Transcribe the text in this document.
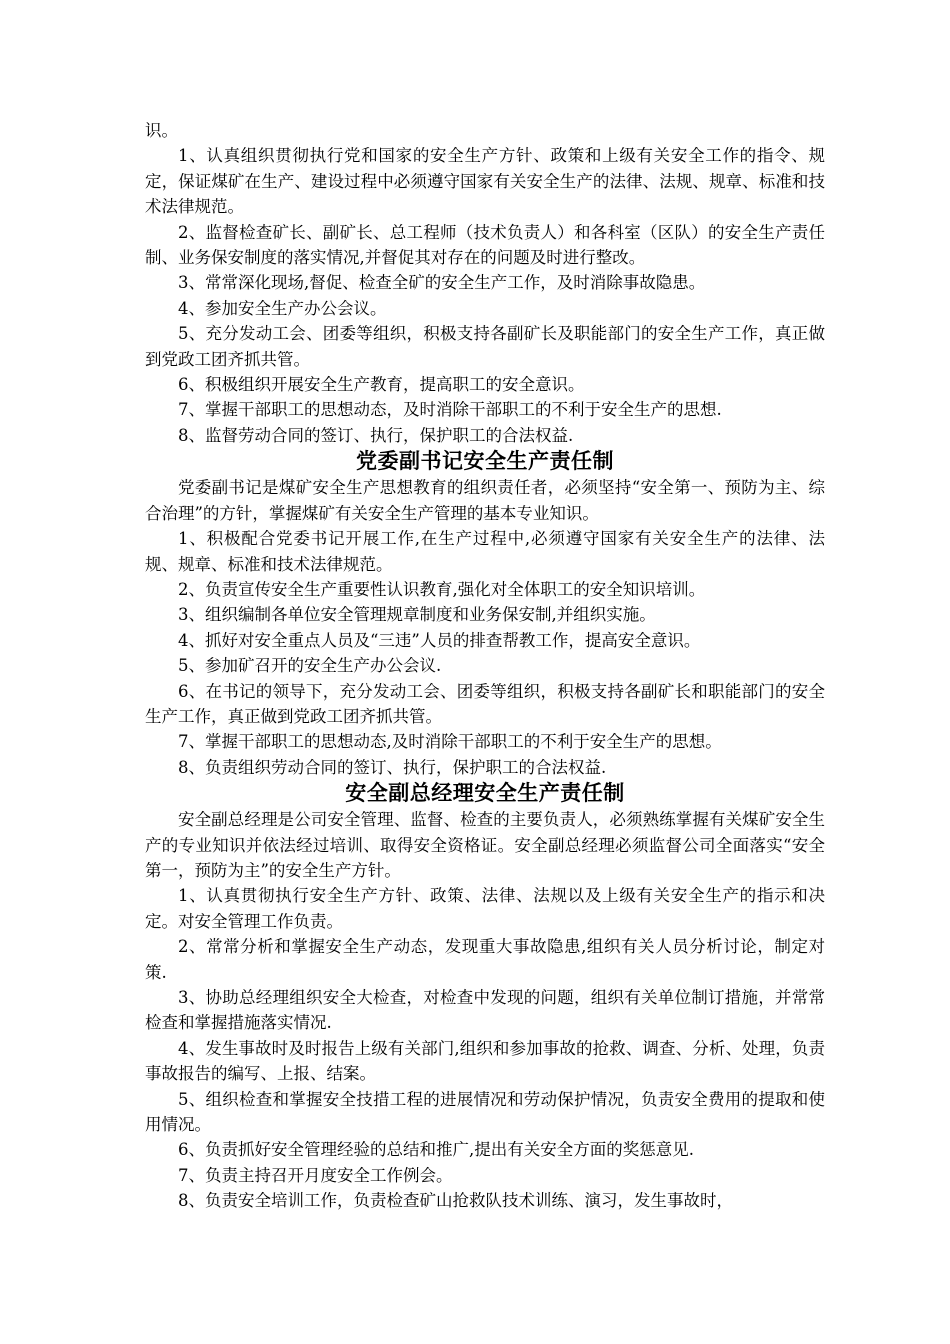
识。

1、认真组织贯彻执行党和国家的安全生产方针、政策和上级有关安全工作的指令、规定，保证煤矿在生产、建设过程中必须遵守国家有关安全生产的法律、法规、规章、标准和技术法律规范。

2、监督检查矿长、副矿长、总工程师（技术负责人）和各科室（区队）的安全生产责任制、业务保安制度的落实情况,并督促其对存在的问题及时进行整改。

3、常常深化现场,督促、检查全矿的安全生产工作，及时消除事故隐患。

4、参加安全生产办公会议。

5、充分发动工会、团委等组织，积极支持各副矿长及职能部门的安全生产工作，真正做到党政工团齐抓共管。

6、积极组织开展安全生产教育，提高职工的安全意识。

7、掌握干部职工的思想动态，及时消除干部职工的不利于安全生产的思想.

8、监督劳动合同的签订、执行，保护职工的合法权益.

党委副书记安全生产责任制

党委副书记是煤矿安全生产思想教育的组织责任者，必须坚持“安全第一、预防为主、综合治理”的方针，掌握煤矿有关安全生产管理的基本专业知识。

1、积极配合党委书记开展工作,在生产过程中,必须遵守国家有关安全生产的法律、法规、规章、标准和技术法律规范。

2、负责宣传安全生产重要性认识教育,强化对全体职工的安全知识培训。

3、组织编制各单位安全管理规章制度和业务保安制,并组织实施。

4、抓好对安全重点人员及“三违”人员的排查帮教工作，提高安全意识。

5、参加矿召开的安全生产办公会议.

6、在书记的领导下，充分发动工会、团委等组织，积极支持各副矿长和职能部门的安全生产工作，真正做到党政工团齐抓共管。

7、掌握干部职工的思想动态,及时消除干部职工的不利于安全生产的思想。

8、负责组织劳动合同的签订、执行，保护职工的合法权益.

安全副总经理安全生产责任制

安全副总经理是公司安全管理、监督、检查的主要负责人，必须熟练掌握有关煤矿安全生产的专业知识并依法经过培训、取得安全资格证。安全副总经理必须监督公司全面落实“安全第一，预防为主”的安全生产方针。

1、认真贯彻执行安全生产方针、政策、法律、法规以及上级有关安全生产的指示和决定。对安全管理工作负责。

2、常常分析和掌握安全生产动态，发现重大事故隐患,组织有关人员分析讨论，制定对策.

3、协助总经理组织安全大检查，对检查中发现的问题，组织有关单位制订措施，并常常检查和掌握措施落实情况.

4、发生事故时及时报告上级有关部门,组织和参加事故的抢救、调查、分析、处理，负责事故报告的编写、上报、结案。

5、组织检查和掌握安全技措工程的进展情况和劳动保护情况，负责安全费用的提取和使用情况。

6、负责抓好安全管理经验的总结和推广,提出有关安全方面的奖惩意见.

7、负责主持召开月度安全工作例会。

8、负责安全培训工作，负责检查矿山抢救队技术训练、演习，发生事故时，
